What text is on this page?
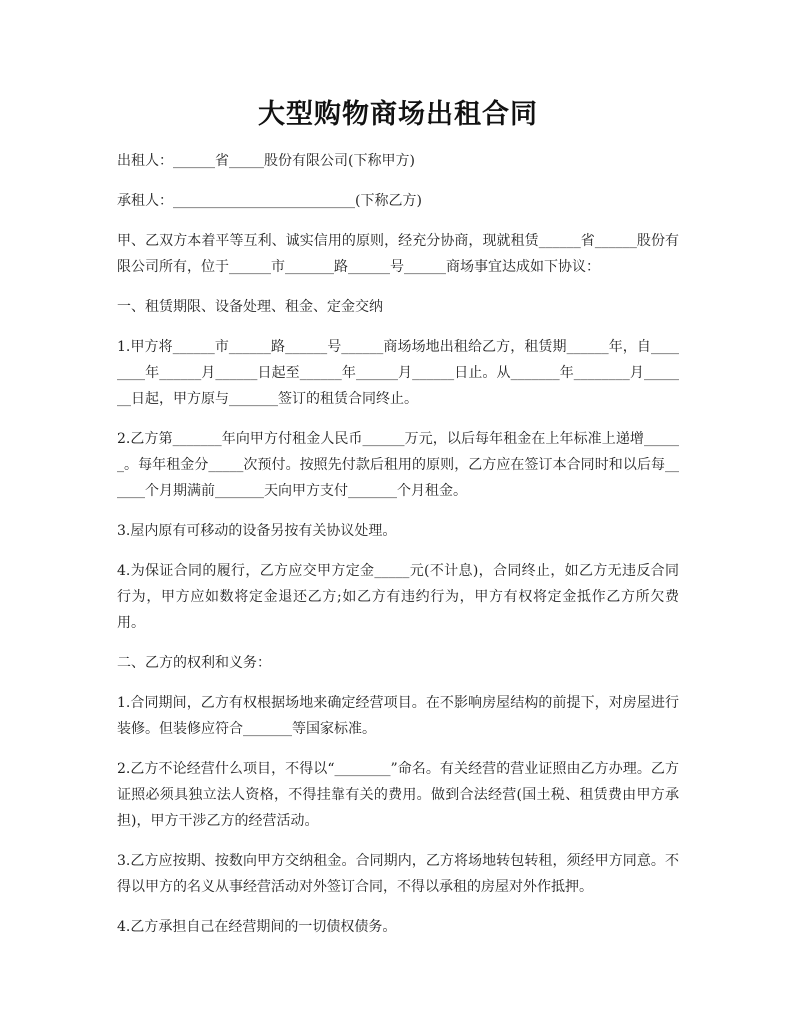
大型购物商场出租合同

出租人：______省_____股份有限公司(下称甲方)

承租人：__________________________(下称乙方)

甲、乙双方本着平等互利、诚实信用的原则，经充分协商，现就租赁______省______股份有限公司所有，位于______市_______路______号______商场事宜达成如下协议：

一、租赁期限、设备处理、租金、定金交纳

1.甲方将______市______路______号______商场场地出租给乙方，租赁期______年，自________年______月______日起至______年______月______日止。从_______年________月_______日起，甲方原与_______签订的租赁合同终止。

2.乙方第_______年向甲方付租金人民币______万元，以后每年租金在上年标准上递增______。每年租金分_____次预付。按照先付款后租用的原则，乙方应在签订本合同时和以后每______个月期满前_______天向甲方支付_______个月租金。

3.屋内原有可移动的设备另按有关协议处理。

4.为保证合同的履行，乙方应交甲方定金_____元(不计息)，合同终止，如乙方无违反合同行为，甲方应如数将定金退还乙方;如乙方有违约行为，甲方有权将定金抵作乙方所欠费用。

二、乙方的权利和义务：

1.合同期间，乙方有权根据场地来确定经营项目。在不影响房屋结构的前提下，对房屋进行装修。但装修应符合_______等国家标准。

2.乙方不论经营什么项目，不得以“________”命名。有关经营的营业证照由乙方办理。乙方证照必须具独立法人资格，不得挂靠有关的费用。做到合法经营(国土税、租赁费由甲方承担)，甲方干涉乙方的经营活动。

3.乙方应按期、按数向甲方交纳租金。合同期内，乙方将场地转包转租，须经甲方同意。不得以甲方的名义从事经营活动对外签订合同，不得以承租的房屋对外作抵押。

4.乙方承担自己在经营期间的一切债权债务。
